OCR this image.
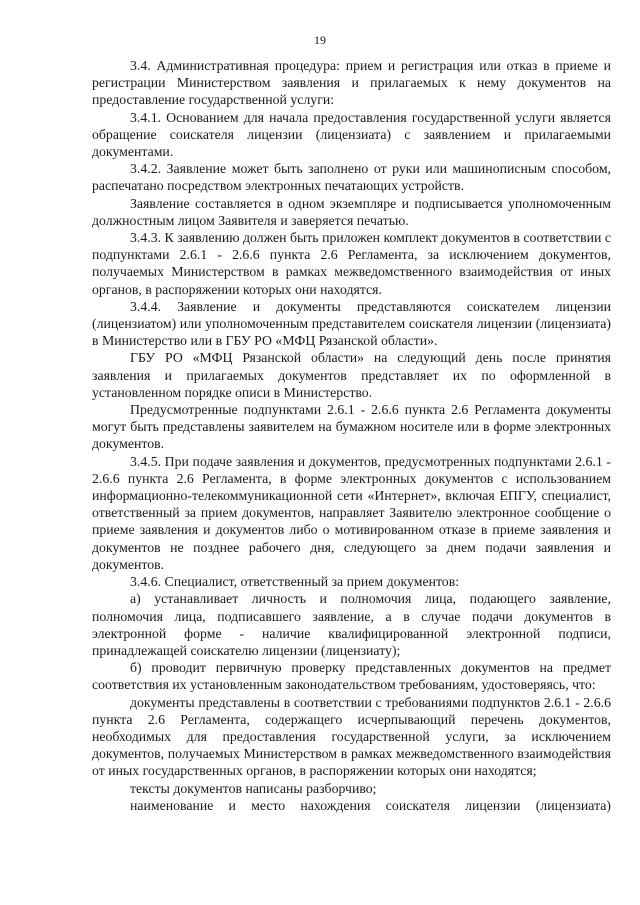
19

3.4. Административная процедура: прием и регистрация или отказ в приеме и регистрации Министерством заявления и прилагаемых к нему документов на предоставление государственной услуги:

3.4.1. Основанием для начала предоставления государственной услуги является обращение соискателя лицензии (лицензиата) с заявлением и прилагаемыми документами.

3.4.2. Заявление может быть заполнено от руки или машинописным способом, распечатано посредством электронных печатающих устройств.

Заявление составляется в одном экземпляре и подписывается уполномоченным должностным лицом Заявителя и заверяется печатью.

3.4.3. К заявлению должен быть приложен комплект документов в соответствии с подпунктами 2.6.1 - 2.6.6 пункта 2.6 Регламента, за исключением документов, получаемых Министерством в рамках межведомственного взаимодействия от иных органов, в распоряжении которых они находятся.

3.4.4. Заявление и документы представляются соискателем лицензии (лицензиатом) или уполномоченным представителем соискателя лицензии (лицензиата) в Министерство или в ГБУ РО «МФЦ Рязанской области».

ГБУ РО «МФЦ Рязанской области» на следующий день после принятия заявления и прилагаемых документов представляет их по оформленной в установленном порядке описи в Министерство.

Предусмотренные подпунктами 2.6.1 - 2.6.6 пункта 2.6 Регламента документы могут быть представлены заявителем на бумажном носителе или в форме электронных документов.

3.4.5. При подаче заявления и документов, предусмотренных подпунктами 2.6.1 - 2.6.6 пункта 2.6 Регламента, в форме электронных документов с использованием информационно-телекоммуникационной сети «Интернет», включая ЕПГУ, специалист, ответственный за прием документов, направляет Заявителю электронное сообщение о приеме заявления и документов либо о мотивированном отказе в приеме заявления и документов не позднее рабочего дня, следующего за днем подачи заявления и документов.

3.4.6. Специалист, ответственный за прием документов:

а) устанавливает личность и полномочия лица, подающего заявление, полномочия лица, подписавшего заявление, а в случае подачи документов в электронной форме - наличие квалифицированной электронной подписи, принадлежащей соискателю лицензии (лицензиату);

б) проводит первичную проверку представленных документов на предмет соответствия их установленным законодательством требованиям, удостоверяясь, что:

документы представлены в соответствии с требованиями подпунктов 2.6.1 - 2.6.6 пункта 2.6 Регламента, содержащего исчерпывающий перечень документов, необходимых для предоставления государственной услуги, за исключением документов, получаемых Министерством в рамках межведомственного взаимодействия от иных государственных органов, в распоряжении которых они находятся;

тексты документов написаны разборчиво;

наименование и место нахождения соискателя лицензии (лицензиата)
